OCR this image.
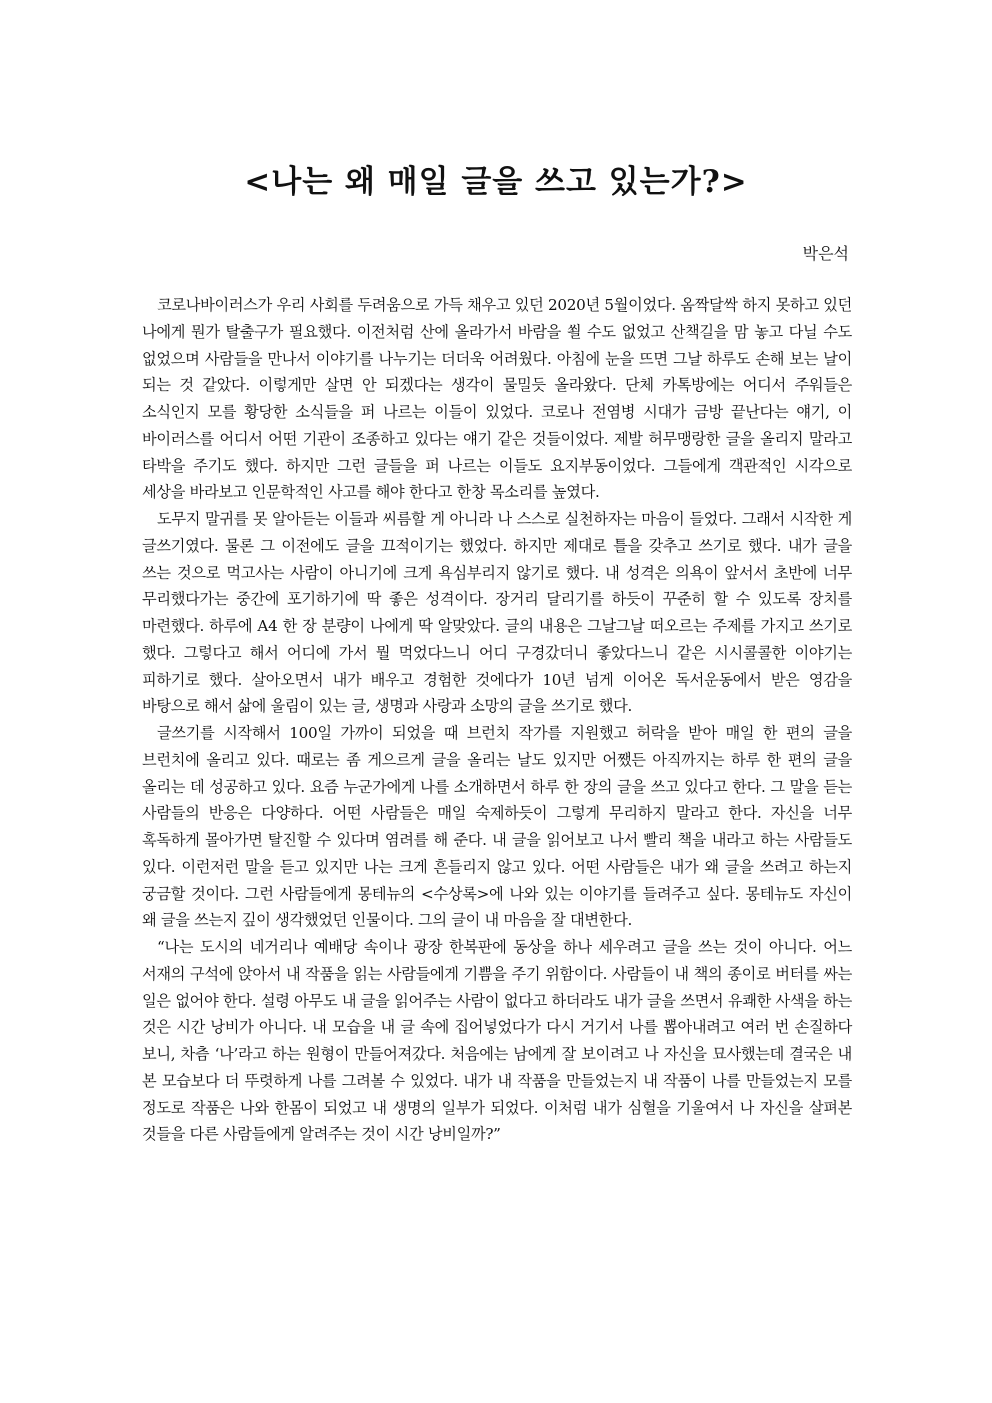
<나는 왜 매일 글을 쓰고 있는가?>
박은석

코로나바이러스가 우리 사회를 두려움으로 가득 채우고 있던 2020년 5월이었다. 옴짝달싹 하지 못하고 있던 나에게 뭔가 탈출구가 필요했다. 이전처럼 산에 올라가서 바람을 쐴 수도 없었고 산책길을 맘 놓고 다닐 수도 없었으며 사람들을 만나서 이야기를 나누기는 더더욱 어려웠다. 아침에 눈을 뜨면 그날 하루도 손해 보는 날이 되는 것 같았다. 이렇게만 살면 안 되겠다는 생각이 물밀듯 올라왔다. 단체 카톡방에는 어디서 주워들은 소식인지 모를 황당한 소식들을 퍼 나르는 이들이 있었다. 코로나 전염병 시대가 금방 끝난다는 얘기, 이 바이러스를 어디서 어떤 기관이 조종하고 있다는 얘기 같은 것들이었다. 제발 허무맹랑한 글을 올리지 말라고 타박을 주기도 했다. 하지만 그런 글들을 퍼 나르는 이들도 요지부동이었다. 그들에게 객관적인 시각으로 세상을 바라보고 인문학적인 사고를 해야 한다고 한창 목소리를 높였다.

도무지 말귀를 못 알아듣는 이들과 씨름할 게 아니라 나 스스로 실천하자는 마음이 들었다. 그래서 시작한 게 글쓰기였다. 물론 그 이전에도 글을 끄적이기는 했었다. 하지만 제대로 틀을 갖추고 쓰기로 했다. 내가 글을 쓰는 것으로 먹고사는 사람이 아니기에 크게 욕심부리지 않기로 했다. 내 성격은 의욕이 앞서서 초반에 너무 무리했다가는 중간에 포기하기에 딱 좋은 성격이다. 장거리 달리기를 하듯이 꾸준히 할 수 있도록 장치를 마련했다. 하루에 A4 한 장 분량이 나에게 딱 알맞았다. 글의 내용은 그날그날 떠오르는 주제를 가지고 쓰기로 했다. 그렇다고 해서 어디에 가서 뭘 먹었다느니 어디 구경갔더니 좋았다느니 같은 시시콜콜한 이야기는 피하기로 했다. 살아오면서 내가 배우고 경험한 것에다가 10년 넘게 이어온 독서운동에서 받은 영감을 바탕으로 해서 삶에 울림이 있는 글, 생명과 사랑과 소망의 글을 쓰기로 했다.

글쓰기를 시작해서 100일 가까이 되었을 때 브런치 작가를 지원했고 허락을 받아 매일 한 편의 글을 브런치에 올리고 있다. 때로는 좀 게으르게 글을 올리는 날도 있지만 어쨌든 아직까지는 하루 한 편의 글을 올리는 데 성공하고 있다. 요즘 누군가에게 나를 소개하면서 하루 한 장의 글을 쓰고 있다고 한다. 그 말을 듣는 사람들의 반응은 다양하다. 어떤 사람들은 매일 숙제하듯이 그렇게 무리하지 말라고 한다. 자신을 너무 혹독하게 몰아가면 탈진할 수 있다며 염려를 해 준다. 내 글을 읽어보고 나서 빨리 책을 내라고 하는 사람들도 있다. 이런저런 말을 듣고 있지만 나는 크게 흔들리지 않고 있다. 어떤 사람들은 내가 왜 글을 쓰려고 하는지 궁금할 것이다. 그런 사람들에게 몽테뉴의 <수상록>에 나와 있는 이야기를 들려주고 싶다. 몽테뉴도 자신이 왜 글을 쓰는지 깊이 생각했었던 인물이다. 그의 글이 내 마음을 잘 대변한다.

“나는 도시의 네거리나 예배당 속이나 광장 한복판에 동상을 하나 세우려고 글을 쓰는 것이 아니다. 어느 서재의 구석에 앉아서 내 작품을 읽는 사람들에게 기쁨을 주기 위함이다. 사람들이 내 책의 종이로 버터를 싸는 일은 없어야 한다. 설령 아무도 내 글을 읽어주는 사람이 없다고 하더라도 내가 글을 쓰면서 유쾌한 사색을 하는 것은 시간 낭비가 아니다. 내 모습을 내 글 속에 집어넣었다가 다시 거기서 나를 뽑아내려고 여러 번 손질하다 보니, 차츰 ‘나’라고 하는 원형이 만들어져갔다. 처음에는 남에게 잘 보이려고 나 자신을 묘사했는데 결국은 내 본 모습보다 더 뚜렷하게 나를 그려볼 수 있었다. 내가 내 작품을 만들었는지 내 작품이 나를 만들었는지 모를 정도로 작품은 나와 한몸이 되었고 내 생명의 일부가 되었다. 이처럼 내가 심혈을 기울여서 나 자신을 살펴본 것들을 다른 사람들에게 알려주는 것이 시간 낭비일까?”
